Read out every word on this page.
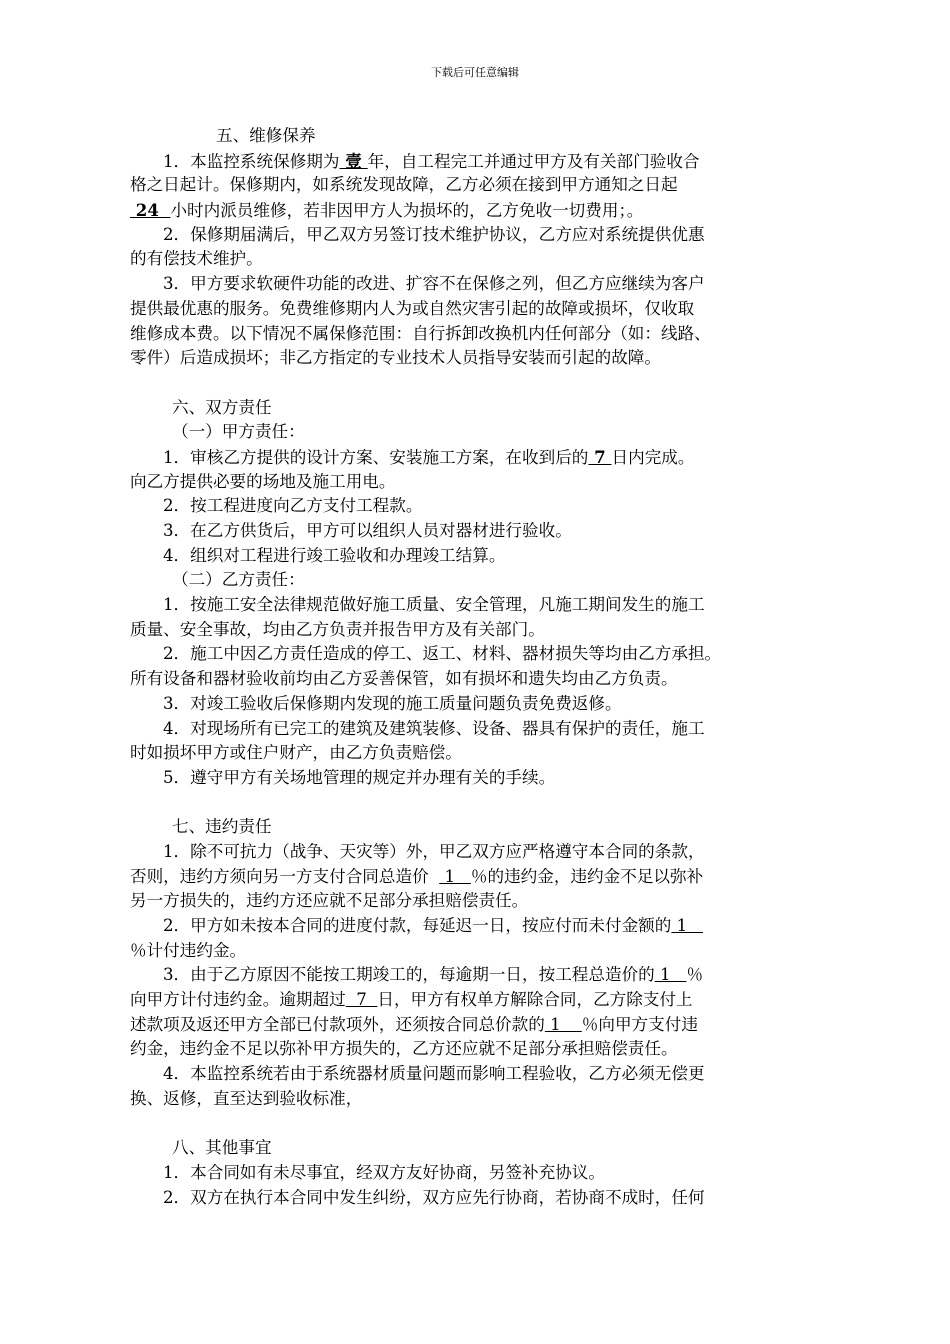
下载后可任意编辑
五、维修保养
1．本监控系统保修期为 壹 年，自工程完工并通过甲方及有关部门验收合
格之日起计。保修期内，如系统发现故障，乙方必须在接到甲方通知之日起
24  小时内派员维修，若非因甲方人为损坏的，乙方免收一切费用；。
2．保修期届满后，甲乙双方另签订技术维护协议，乙方应对系统提供优惠
的有偿技术维护。
3．甲方要求软硬件功能的改进、扩容不在保修之列，但乙方应继续为客户
提供最优惠的服务。免费维修期内人为或自然灾害引起的故障或损坏，仅收取
维修成本费。以下情况不属保修范围：自行拆卸改换机内任何部分（如：线路、
零件）后造成损坏；非乙方指定的专业技术人员指导安装而引起的故障。
六、双方责任
（一）甲方责任：
1．审核乙方提供的设计方案、安装施工方案，在收到后的 7 日内完成。
向乙方提供必要的场地及施工用电。
2．按工程进度向乙方支付工程款。
3．在乙方供货后，甲方可以组织人员对器材进行验收。
4．组织对工程进行竣工验收和办理竣工结算。
（二）乙方责任：
1．按施工安全法律规范做好施工质量、安全管理，凡施工期间发生的施工
质量、安全事故，均由乙方负责并报告甲方及有关部门。
2．施工中因乙方责任造成的停工、返工、材料、器材损失等均由乙方承担。
所有设备和器材验收前均由乙方妥善保管，如有损坏和遗失均由乙方负责。
3．对竣工验收后保修期内发现的施工质量问题负责免费返修。
4．对现场所有已完工的建筑及建筑装修、设备、器具有保护的责任，施工
时如损坏甲方或住户财产，由乙方负责赔偿。
5．遵守甲方有关场地管理的规定并办理有关的手续。
七、违约责任
1．除不可抗力（战争、天灾等）外，甲乙双方应严格遵守本合同的条款，
否则，违约方须向另一方支付合同总造价   1   ％的违约金，违约金不足以弥补
另一方损失的，违约方还应就不足部分承担赔偿责任。
2．甲方如未按本合同的进度付款，每延迟一日，按应付而未付金额的 1
％计付违约金。
3．由于乙方原因不能按工期竣工的，每逾期一日，按工程总造价的 1   ％
向甲方计付违约金。逾期超过  7  日，甲方有权单方解除合同，乙方除支付上
述款项及返还甲方全部已付款项外，还须按合同总价款的 1    ％向甲方支付违
约金，违约金不足以弥补甲方损失的，乙方还应就不足部分承担赔偿责任。
4．本监控系统若由于系统器材质量问题而影响工程验收，乙方必须无偿更
换、返修，直至达到验收标准，
八、其他事宜
1．本合同如有未尽事宜，经双方友好协商，另签补充协议。
2．双方在执行本合同中发生纠纷，双方应先行协商，若协商不成时，任何
